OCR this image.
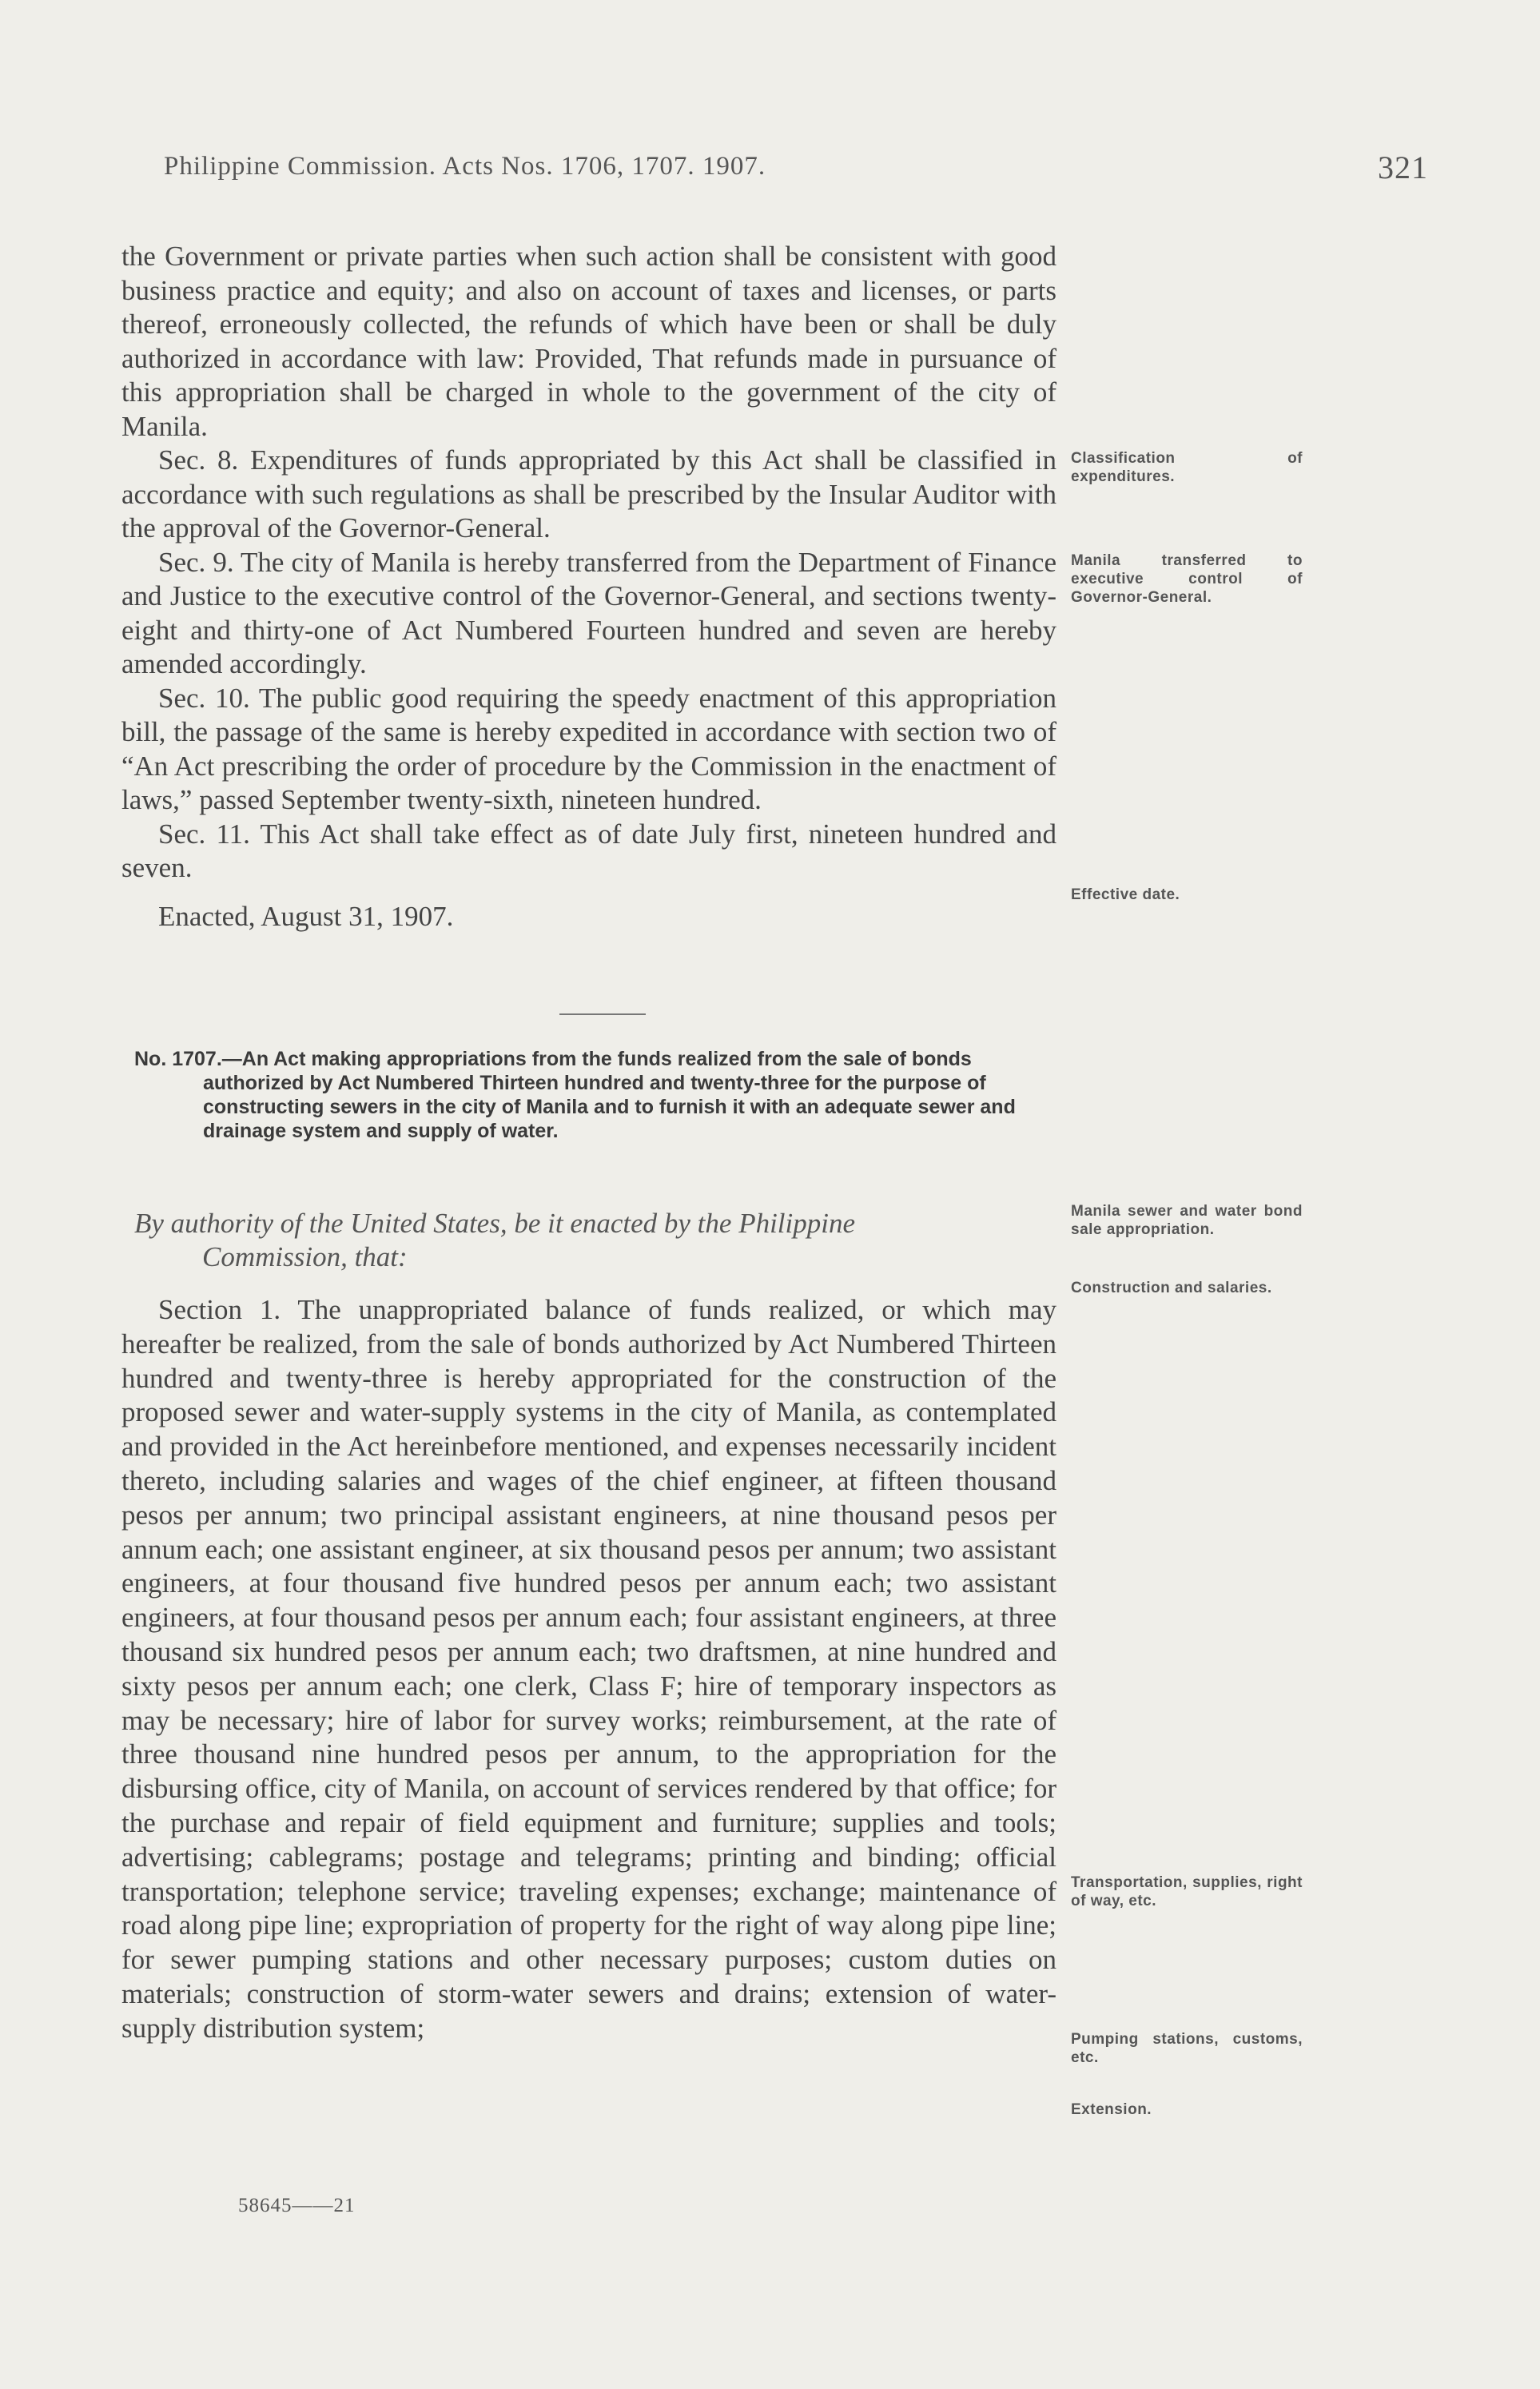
Philippine Commission. Acts Nos. 1706, 1707. 1907.	321

the Government or private parties when such action shall be consistent with good business practice and equity; and also on account of taxes and licenses, or parts thereof, erroneously collected, the refunds of which have been or shall be duly authorized in accordance with law: Provided, That refunds made in pursuance of this appropriation shall be charged in whole to the government of the city of Manila.

Sec. 8. Expenditures of funds appropriated by this Act shall be classified in accordance with such regulations as shall be prescribed by the Insular Auditor with the approval of the Governor-General.

Sec. 9. The city of Manila is hereby transferred from the Department of Finance and Justice to the executive control of the Governor-General, and sections twenty-eight and thirty-one of Act Numbered Fourteen hundred and seven are hereby amended accordingly.

Sec. 10. The public good requiring the speedy enactment of this appropriation bill, the passage of the same is hereby expedited in accordance with section two of “An Act prescribing the order of procedure by the Commission in the enactment of laws,” passed September twenty-sixth, nineteen hundred.

Sec. 11. This Act shall take effect as of date July first, nineteen hundred and seven.

Enacted, August 31, 1907.

Classification of expenditures.
Manila transferred to executive control of Governor-General.
Effective date.
No. 1707.—An Act making appropriations from the funds realized from the sale of bonds authorized by Act Numbered Thirteen hundred and twenty-three for the purpose of constructing sewers in the city of Manila and to furnish it with an adequate sewer and drainage system and supply of water.
By authority of the United States, be it enacted by the Philippine
Commission, that:
Manila sewer and water bond sale appropriation.

Section 1. The unappropriated balance of funds realized, or which may hereafter be realized, from the sale of bonds authorized by Act Numbered Thirteen hundred and twenty-three is hereby appropriated for the construction of the proposed sewer and water-supply systems in the city of Manila, as contemplated and provided in the Act hereinbefore mentioned, and expenses necessarily incident thereto, including salaries and wages of the chief engineer, at fifteen thousand pesos per annum; two principal assistant engineers, at nine thousand pesos per annum each; one assistant engineer, at six thousand pesos per annum; two assistant engineers, at four thousand five hundred pesos per annum each; two assistant engineers, at four thousand pesos per annum each; four assistant engineers, at three thousand six hundred pesos per annum each; two draftsmen, at nine hundred and sixty pesos per annum each; one clerk, Class F; hire of temporary inspectors as may be necessary; hire of labor for survey works; reimbursement, at the rate of three thousand nine hundred pesos per annum, to the appropriation for the disbursing office, city of Manila, on account of services rendered by that office; for the purchase and repair of field equipment and furniture; supplies and tools; advertising; cablegrams; postage and telegrams; printing and binding; official transportation; telephone service; traveling expenses; exchange; maintenance of road along pipe line; expropriation of property for the right of way along pipe line; for sewer pumping stations and other necessary purposes; custom duties on materials; construction of storm-water sewers and drains; extension of water-supply distribution system;

Construction and salaries.
Transportation, supplies, right of way, etc.
Pumping stations, customs, etc.
Extension.
58645——21
